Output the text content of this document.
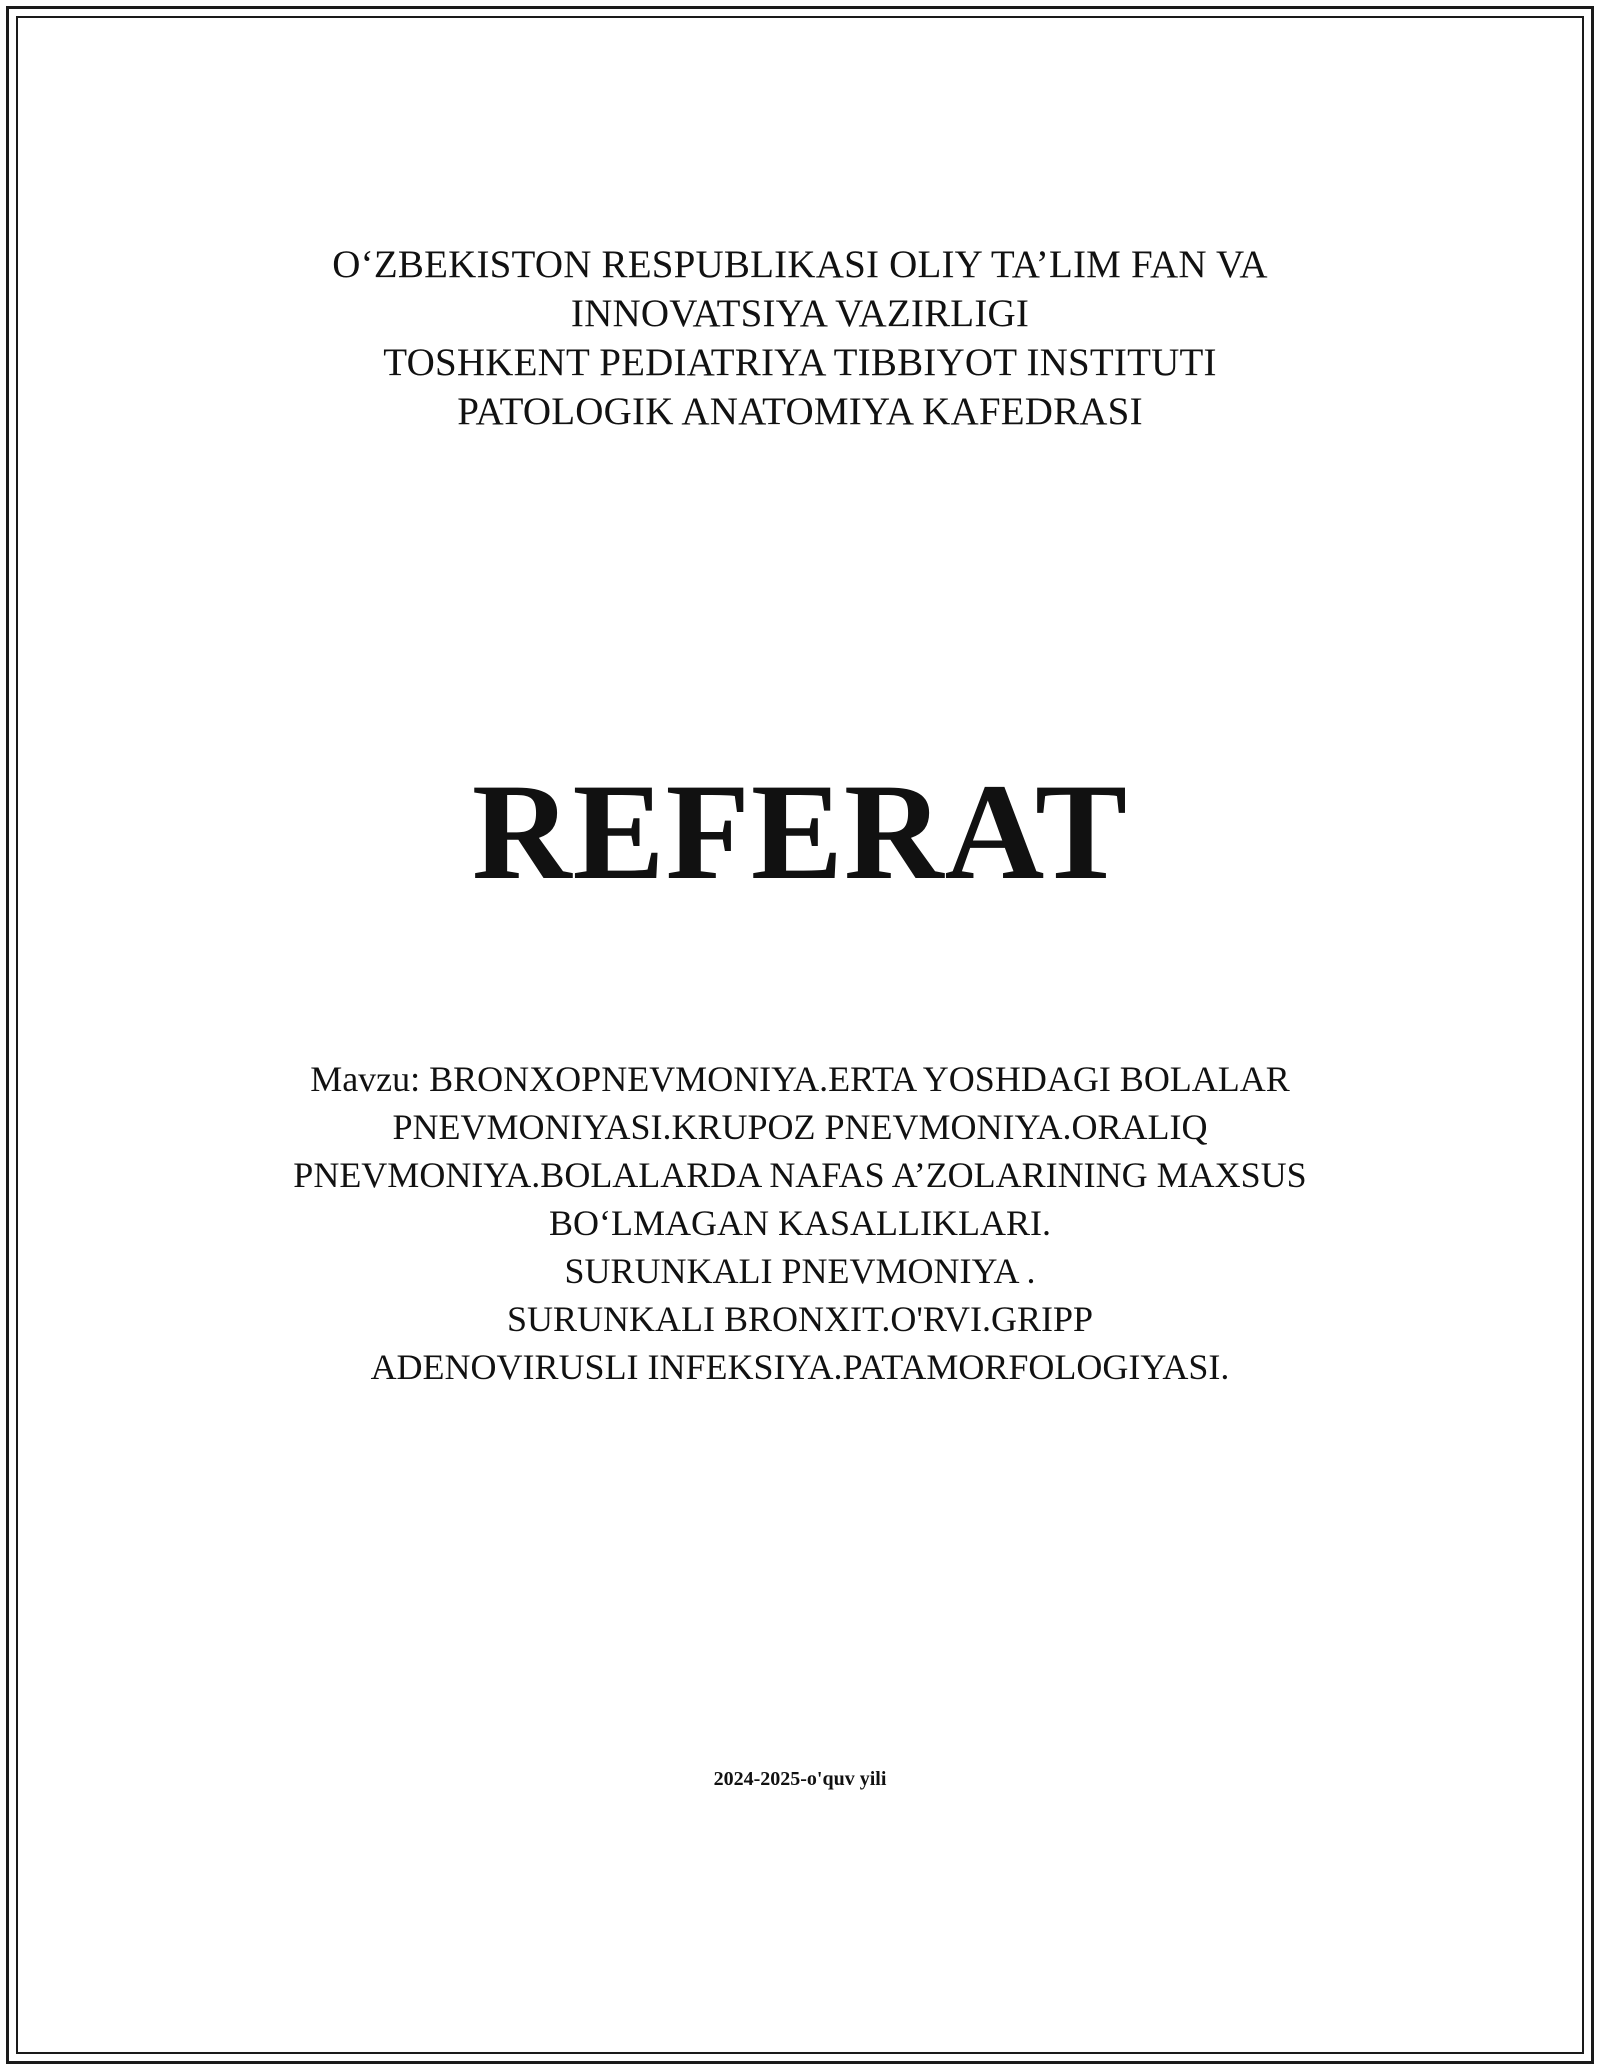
O‘ZBEKISTON RESPUBLIKASI OLIY TA’LIM FAN VA
INNOVATSIYA VAZIRLIGI
TOSHKENT PEDIATRIYA TIBBIYOT INSTITUTI
PATOLOGIK ANATOMIYA KAFEDRASI
REFERAT
Mavzu: BRONXOPNEVMONIYA.ERTA YOSHDAGI BOLALAR
PNEVMONIYASI.KRUPOZ PNEVMONIYA.ORALIQ
PNEVMONIYA.BOLALARDA NAFAS A’ZOLARINING MAXSUS
BO‘LMAGAN KASALLIKLARI.
SURUNKALI PNEVMONIYA .
SURUNKALI BRONXIT.O'RVI.GRIPP
ADENOVIRUSLI INFEKSIYA.PATAMORFOLOGIYASI.
2024-2025-o'quv yili
